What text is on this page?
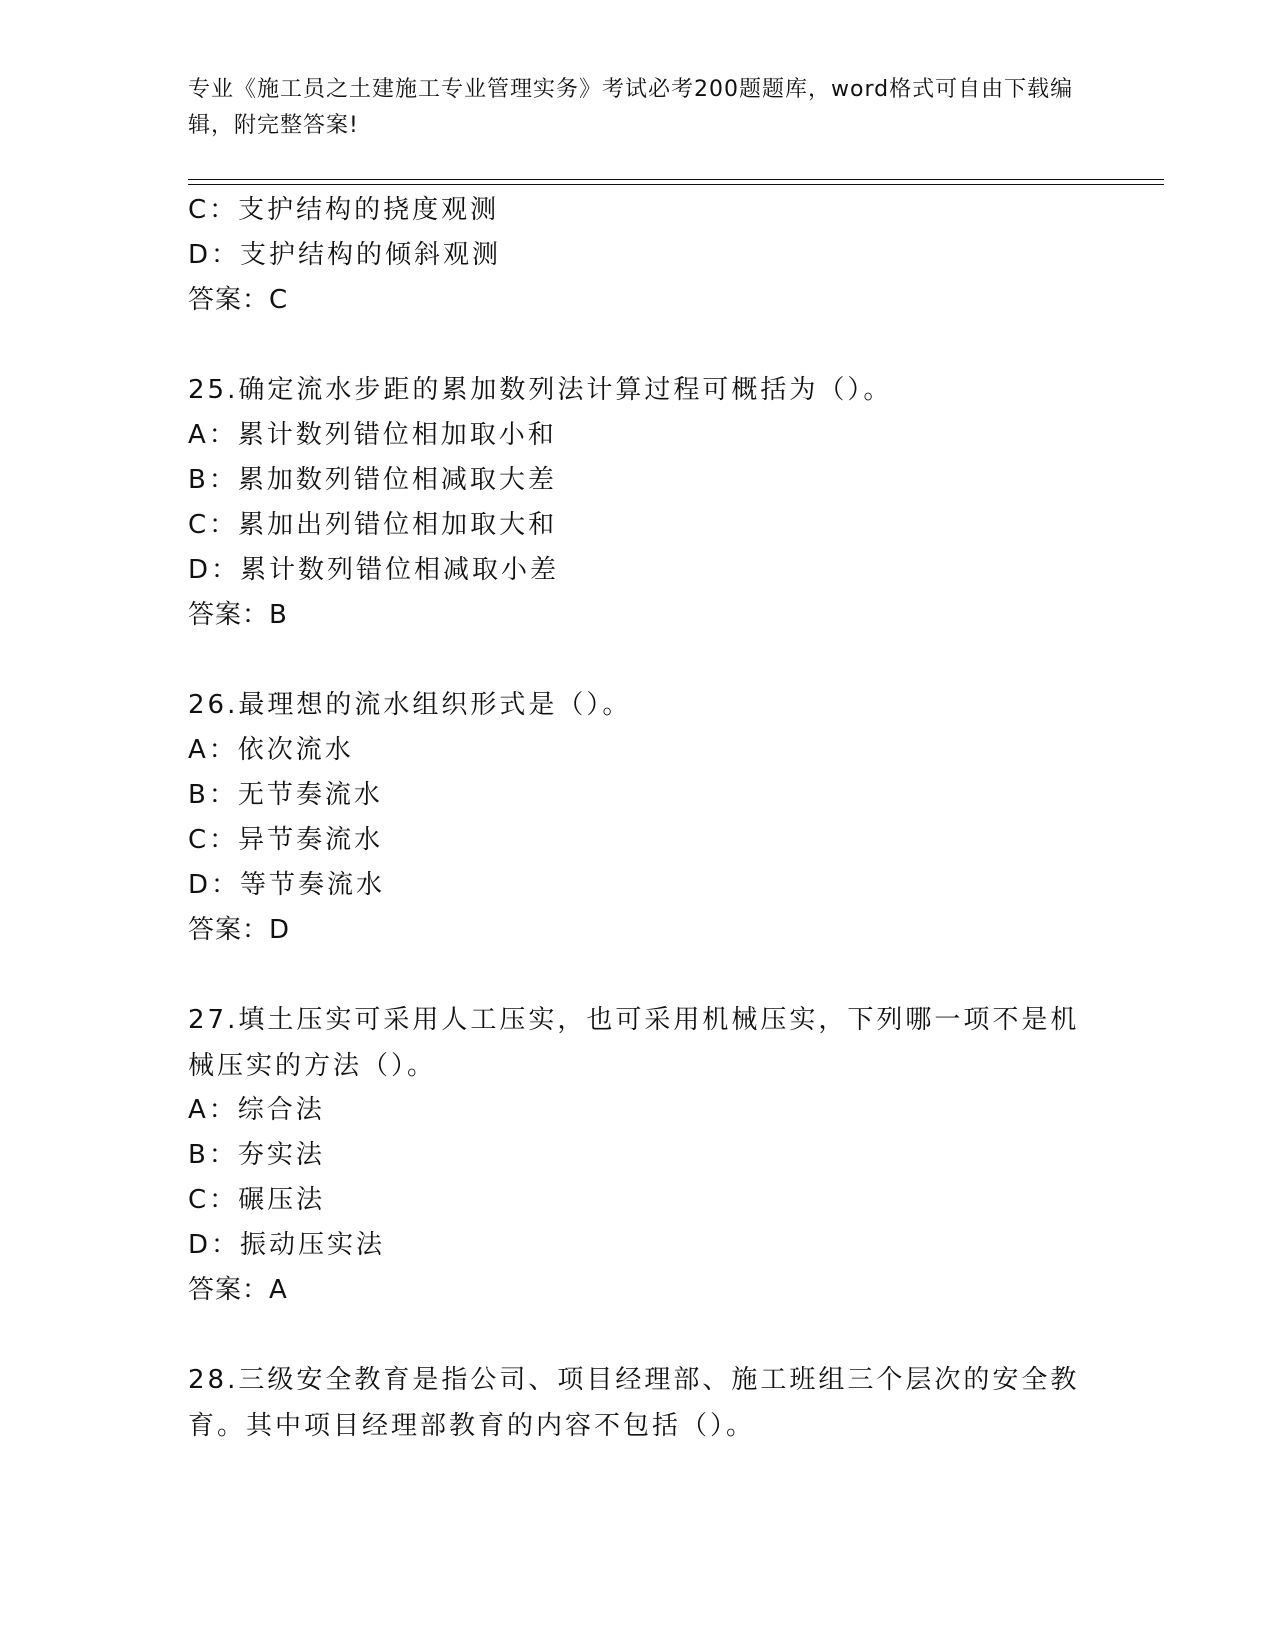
专业《施工员之土建施工专业管理实务》考试必考200题题库，word格式可自由下载编辑，附完整答案!
C：支护结构的挠度观测
D：支护结构的倾斜观测
答案：C
25.确定流水步距的累加数列法计算过程可概括为（）。
A：累计数列错位相加取小和
B：累加数列错位相减取大差
C：累加出列错位相加取大和
D：累计数列错位相减取小差
答案：B
26.最理想的流水组织形式是（）。
A：依次流水
B：无节奏流水
C：异节奏流水
D：等节奏流水
答案：D
27.填土压实可采用人工压实，也可采用机械压实，下列哪一项不是机械压实的方法（）。
A：综合法
B：夯实法
C：碾压法
D：振动压实法
答案：A
28.三级安全教育是指公司、项目经理部、施工班组三个层次的安全教育。其中项目经理部教育的内容不包括（）。
